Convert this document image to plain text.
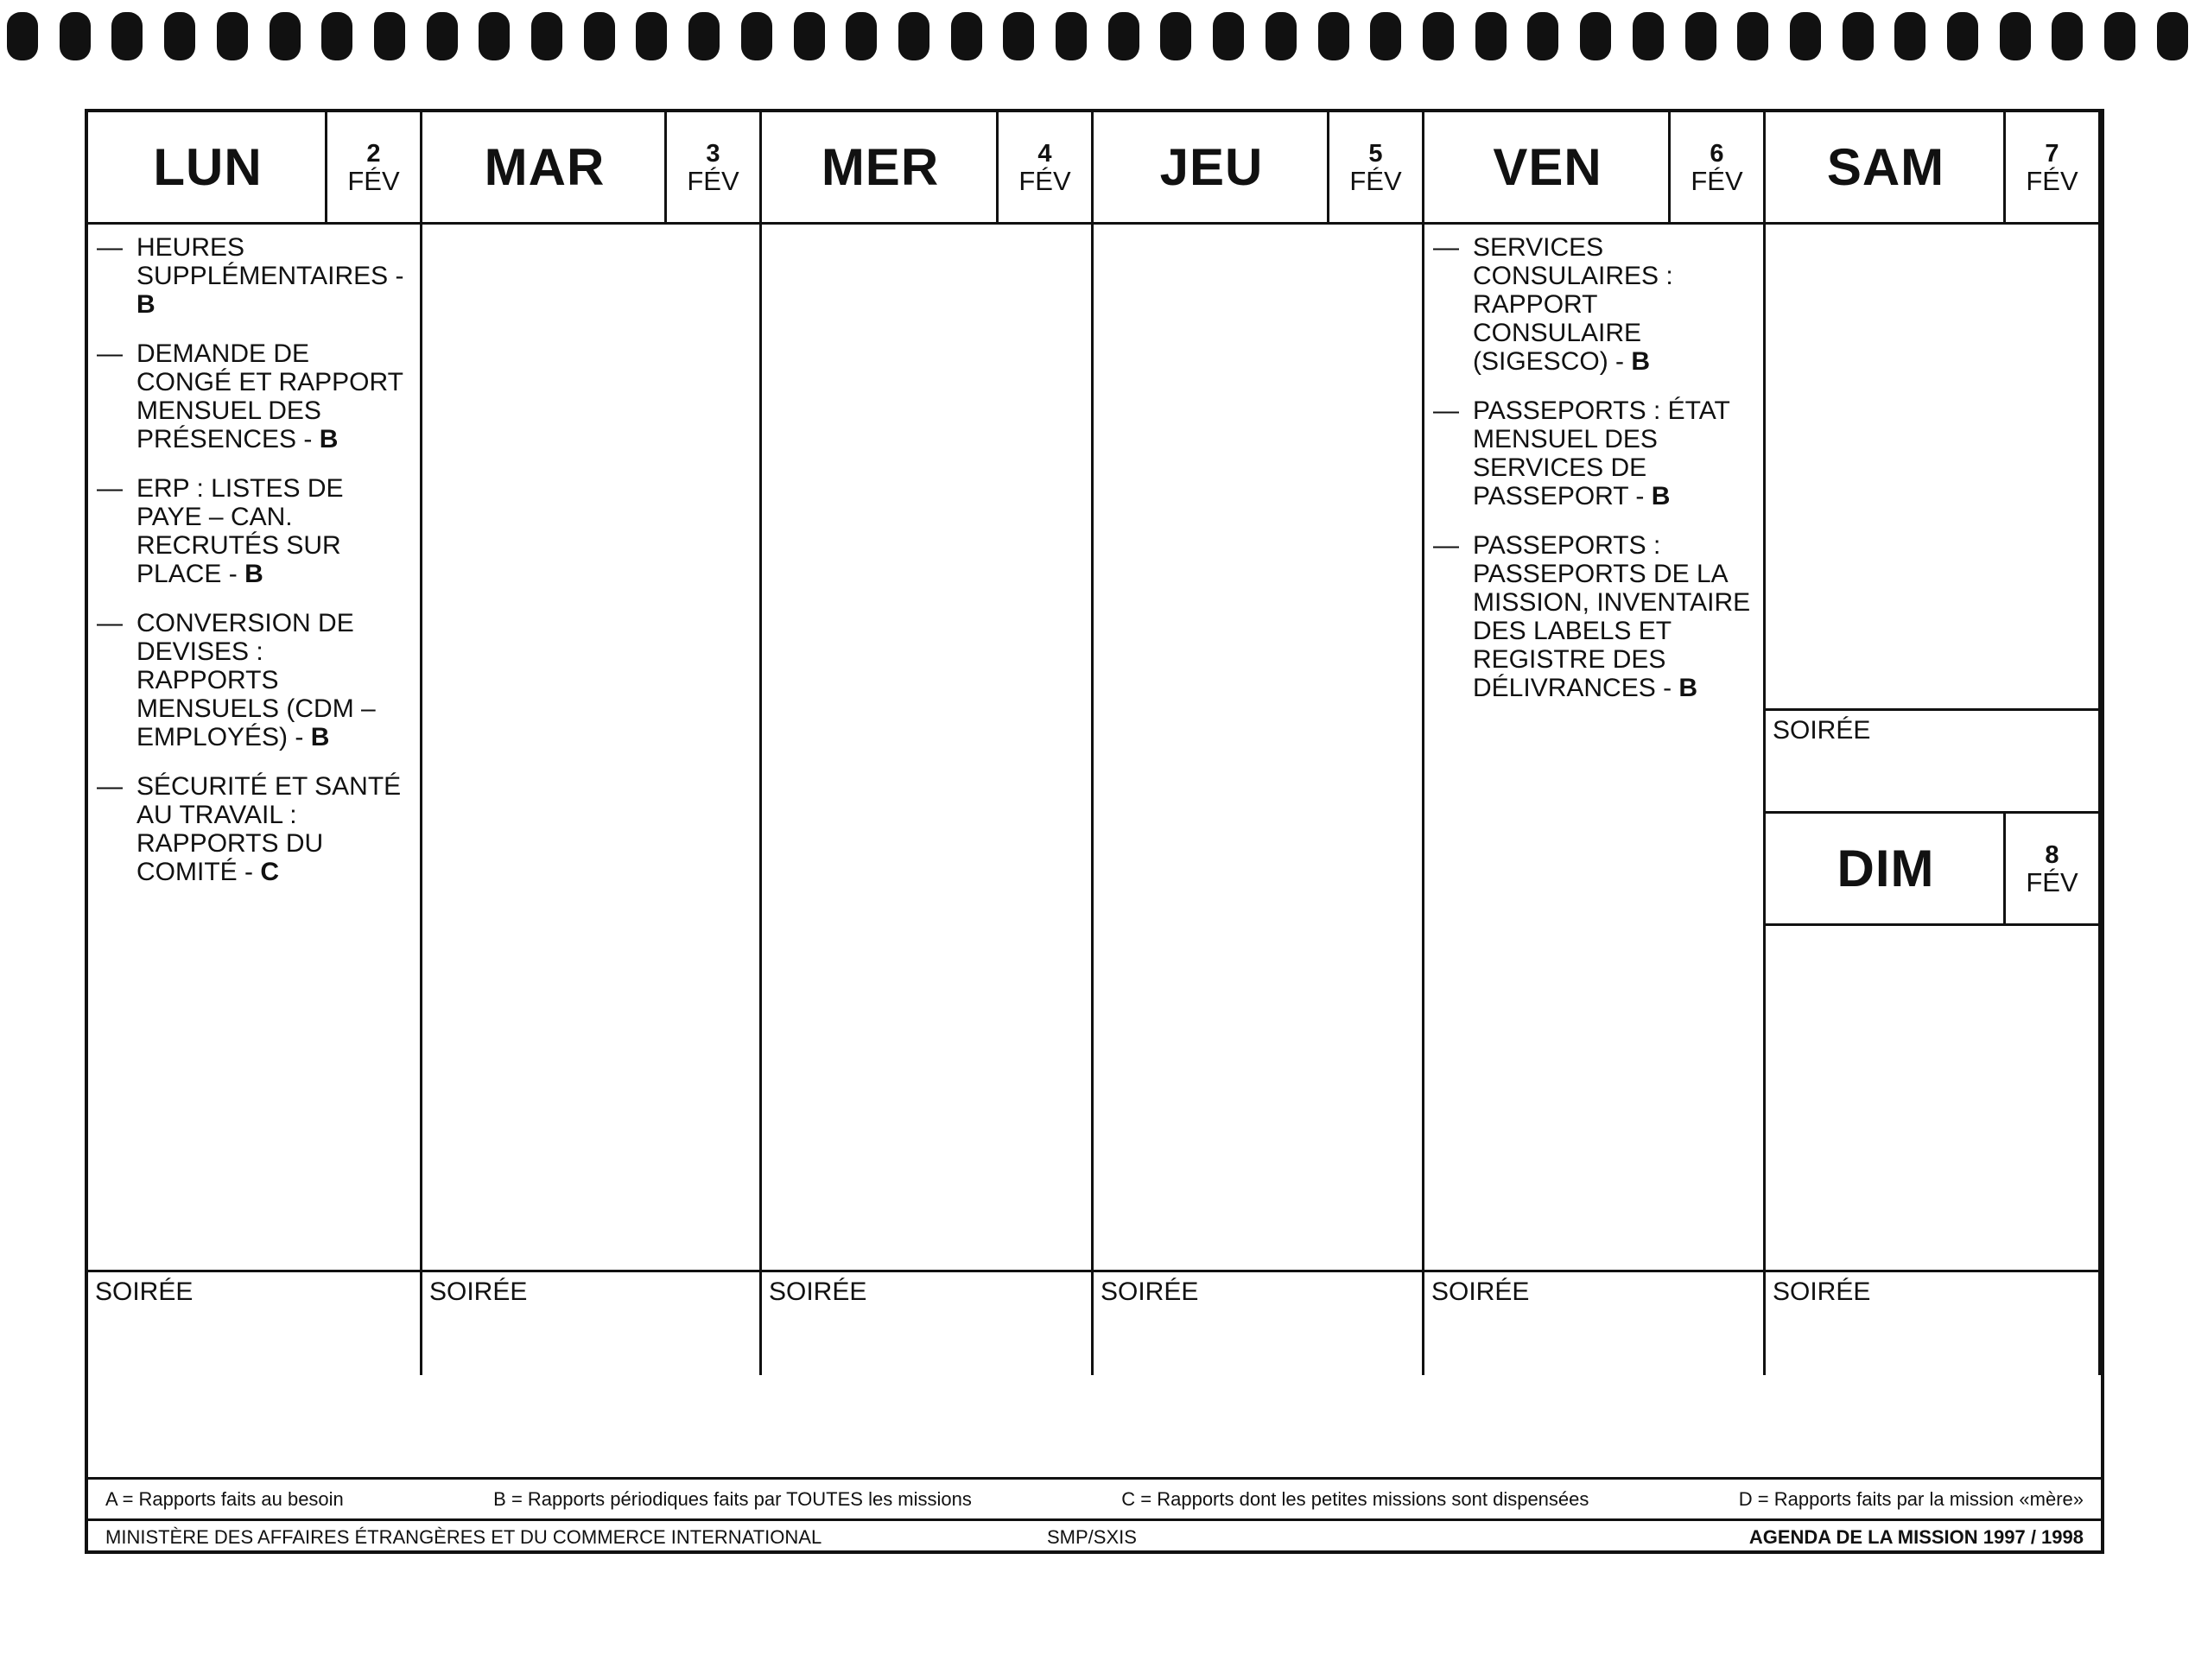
LUN	2
FÉV
— HEURES SUPPLÉMENTAIRES - B
— DEMANDE DE CONGÉ ET RAPPORT MENSUEL DES PRÉSENCES - B
— ERP : LISTES DE PAYE – CAN. RECRUTÉS SUR PLACE - B
— CONVERSION DE DEVISES : RAPPORTS MENSUELS (CDM – EMPLOYÉS) - B
— SÉCURITÉ ET SANTÉ AU TRAVAIL : RAPPORTS DU COMITÉ - C
SOIRÉE
MAR	3
FÉV
SOIRÉE
MER	4
FÉV
SOIRÉE
JEU	5
FÉV
SOIRÉE
VEN	6
FÉV
— SERVICES CONSULAIRES : RAPPORT CONSULAIRE (SIGESCO) - B
— PASSEPORTS : ÉTAT MENSUEL DES SERVICES DE PASSEPORT - B
— PASSEPORTS : PASSEPORTS DE LA MISSION, INVENTAIRE DES LABELS ET REGISTRE DES DÉLIVRANCES - B
SOIRÉE
SAM	7
FÉV
SOIRÉE
DIM	8
FÉV
SOIRÉE
A = Rapports faits au besoin	B = Rapports périodiques faits par TOUTES les missions	C = Rapports dont les petites missions sont dispensées	D = Rapports faits par la mission «mère»
MINISTÈRE DES AFFAIRES ÉTRANGÈRES ET DU COMMERCE INTERNATIONAL	SMP/SXIS	AGENDA DE LA MISSION 1997 / 1998
